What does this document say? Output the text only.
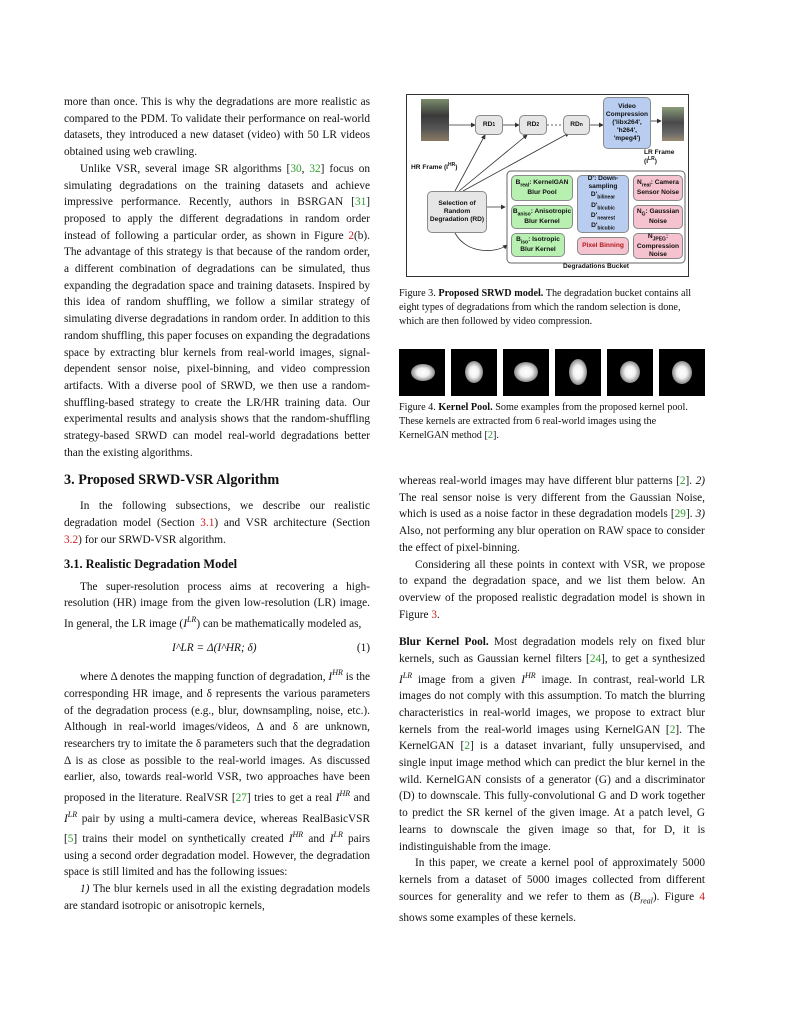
more than once. This is why the degradations are more realistic as compared to the PDM. To validate their performance on real-world datasets, they introduced a new dataset (video) with 50 LR videos obtained using web crawling.

Unlike VSR, several image SR algorithms [30, 32] focus on simulating degradations on the training datasets and achieve impressive performance. Recently, authors in BSRGAN [31] proposed to apply the different degradations in random order instead of following a particular order, as shown in Figure 2(b). The advantage of this strategy is that because of the random order, a different combination of degradations can be simulated, thus expanding the degradation space and training datasets. Inspired by this idea of random shuffling, we follow a similar strategy of simulating diverse degradations in random order. In addition to this random shuffling, this paper focuses on expanding the degradations space by extracting blur kernels from real-world images, signal-dependent sensor noise, pixel-binning, and video compression artifacts. With a diverse pool of SRWD, we then use a random-shuffling-based strategy to create the LR/HR training data. Our experimental results and analysis shows that the random-shuffling strategy-based SRWD can model real-world degradations better than the existing algorithms.

3. Proposed SRWD-VSR Algorithm

In the following subsections, we describe our realistic degradation model (Section 3.1) and VSR architecture (Section 3.2) for our SRWD-VSR algorithm.

3.1. Realistic Degradation Model

The super-resolution process aims at recovering a high-resolution (HR) image from the given low-resolution (LR) image. In general, the LR image $(I^{LR})$ can be mathematically modeled as,

I^LR = Δ(I^HR; δ)	(1)

where Δ denotes the mapping function of degradation, $I^{HR}$ is the corresponding HR image, and δ represents the various parameters of the degradation process (e.g., blur, downsampling, noise, etc.). Although in real-world images/videos, Δ and δ are unknown, researchers try to imitate the δ parameters such that the degradation Δ is as close as possible to the real-world images. As discussed earlier, also, towards real-world VSR, two approaches have been proposed in the literature. RealVSR [27] tries to get a real $I^{HR}$ and $I^{LR}$ pair by using a multi-camera device, whereas RealBasicVSR [5] trains their model on synthetically created $I^{HR}$ and $I^{LR}$ pairs using a second order degradation model. However, the degradation space is still limited and has the following issues:

1) The blur kernels used in all the existing degradation models are standard isotropic or anisotropic kernels,

HR Frame $(I^{HR})$
LR Frame $(I^{LR})$
RD 1	RD 2	RD n
Video Compression ('libx264', 'h264', 'mpeg4')
Selection of Random Degradation (RD)
$B_{real}$: KernelGAN Blur Pool
$B_{aniso}$: Anisotropic Blur Kernel
$B_{iso}$: Isotropic Blur Kernel
D': Down-sampling
$D'_{bilinear}$
$D'_{bicubic}$
$D'_{nearest}$
$D'_{bicubic}$
Pixel Binning
$N_{real}$: Camera Sensor Noise
$N_G$: Gaussian Noise
$N_{JPEG}$: Compression Noise
Degradations Bucket
Figure 3. Proposed SRWD model. The degradation bucket contains all eight types of degradations from which the random selection is done, which are then followed by video compression.
Figure 4. Kernel Pool. Some examples from the proposed kernel pool. These kernels are extracted from 6 real-world images using the KernelGAN method [2].

whereas real-world images may have different blur patterns [2]. 2) The real sensor noise is very different from the Gaussian Noise, which is used as a noise factor in these degradation models [29]. 3) Also, not performing any blur operation on RAW space to consider the effect of pixel-binning.

Considering all these points in context with VSR, we propose to expand the degradation space, and we list them below. An overview of the proposed realistic degradation model is shown in Figure 3.

Blur Kernel Pool. Most degradation models rely on fixed blur kernels, such as Gaussian kernel filters [24], to get a synthesized $I^{LR}$ image from a given $I^{HR}$ image. In contrast, real-world LR images do not comply with this assumption. To match the blurring characteristics in real-world images, we propose to extract blur kernels from the real-world images using KernelGAN [2]. The KernelGAN [2] is a dataset invariant, fully unsupervised, and single input image method which can predict the blur kernel in the wild. KernelGAN consists of a generator (G) and a discriminator (D) to downscale. This fully-convolutional G and D work together to predict the SR kernel of the given image. At a patch level, G learns to downscale the given image so that, for D, it is indistinguishable from the image.

In this paper, we create a kernel pool of approximately 5000 kernels from a dataset of 5000 images collected from different sources for generality and we refer to them as $(B_{real})$. Figure 4 shows some examples of these kernels.
